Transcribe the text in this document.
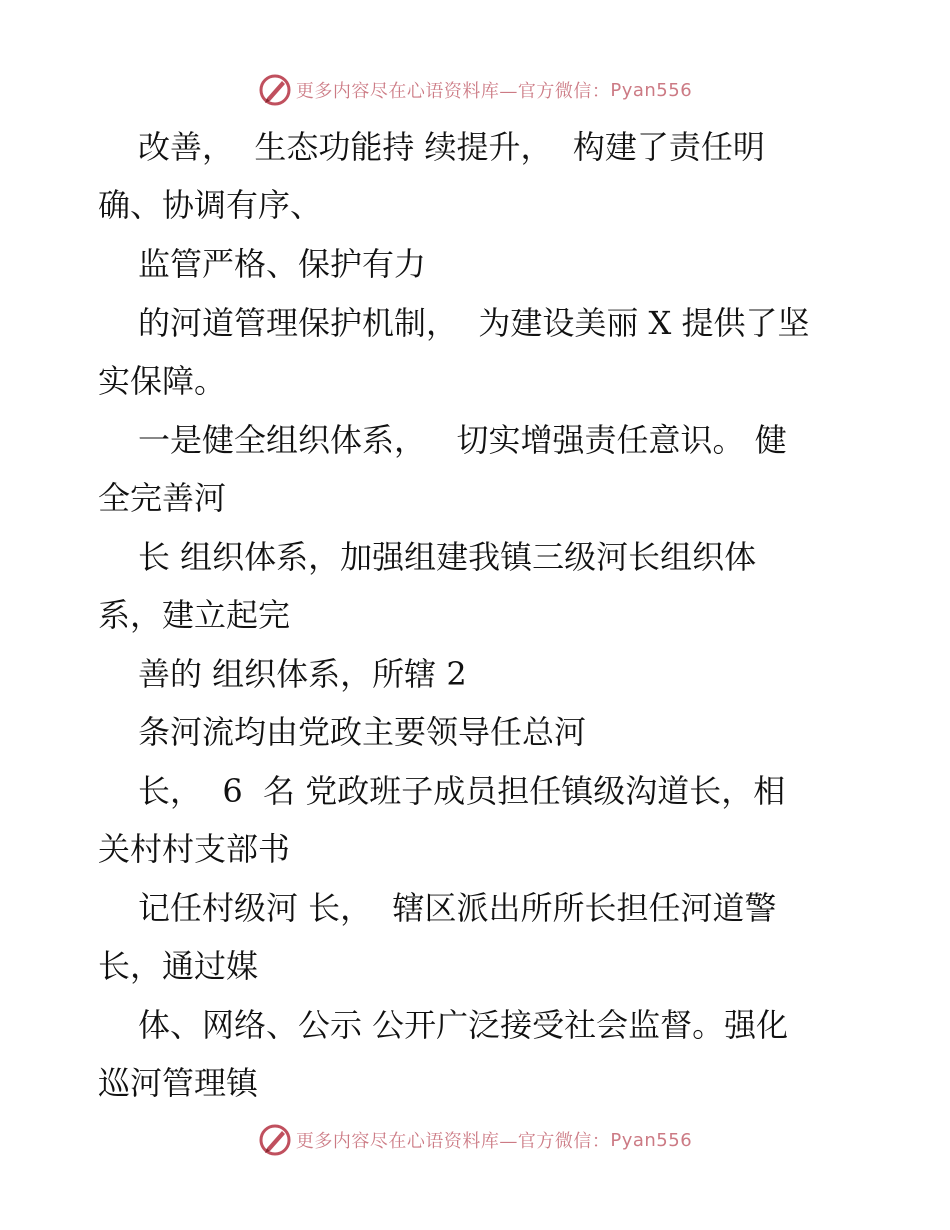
更多内容尽在心语资料库—官方微信： Pyan556
改善，  生态功能持 续提升，  构建了责任明
确、协调有序、
监管严格、保护有力
的河道管理保护机制，  为建设美丽 X 提供了坚
实保障。
一是健全组织体系，   切实增强责任意识。 健
全完善河
长 组织体系，加强组建我镇三级河长组织体
系，建立起完
善的 组织体系，所辖 2
条河流均由党政主要领导任总河
长，  6  名 党政班子成员担任镇级沟道长，相
关村村支部书
记任村级河 长，  辖区派出所所长担任河道警
长，通过媒
体、网络、公示 公开广泛接受社会监督。强化
巡河管理镇
更多内容尽在心语资料库—官方微信： Pyan556
